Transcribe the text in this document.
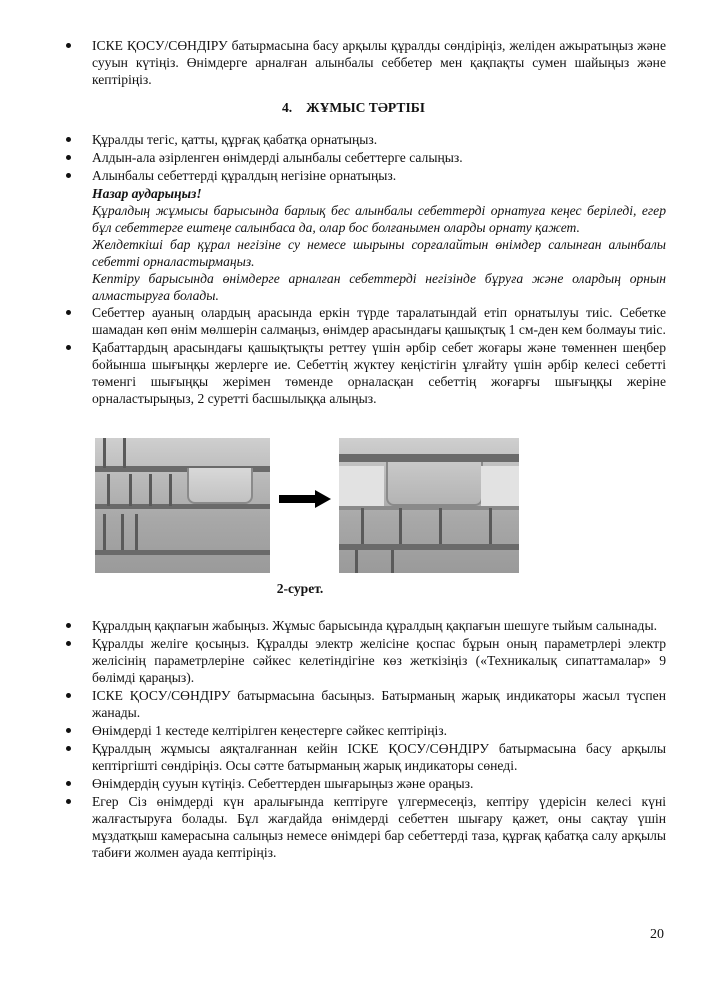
ІСКЕ ҚОСУ/СӨНДІРУ батырмасына басу арқылы құралды сөндіріңіз, желіден ажыратыңыз және сууын күтіңіз. Өнімдерге арналған алынбалы себбетер мен қақпақты сумен шайыңыз және кептіріңіз.
4. ЖҰМЫС ТӘРТІБІ
Құралды тегіс, қатты, құрғақ қабатқа орнатыңыз.
Алдын-ала әзірленген өнімдерді алынбалы себеттерге салыңыз.
Алынбалы себеттерді құралдың негізіне орнатыңыз.
Назар аударыңыз!

Құралдың жұмысы барысында барлық бес алынбалы себеттерді орнатуға кеңес беріледі, егер бұл себеттерге ештеңе салынбаса да, олар бос болғанымен оларды орнату қажет.

Желдеткіші бар құрал негізіне су немесе шырыны сорғалайтын өнімдер салынған алынбалы себетті орналастырмаңыз.

Кептіру барысында өнімдерге арналған себеттерді негізінде бұруға және олардың орнын алмастыруға болады.

Себеттер ауаның олардың арасында еркін түрде таралатындай етіп орнатылуы тиіс. Себетке шамадан көп өнім мөлшерін салмаңыз, өнімдер арасындағы қашықтық 1 см-ден кем болмауы тиіс.
Қабаттардың арасындағы қашықтықты реттеу үшін әрбір себет жоғары және төменнен шеңбер бойынша шығыңқы жерлерге ие. Себеттің жүктеу кеңістігін ұлғайту үшін әрбір келесі себетті төменгі шығыңқы жерімен төменде орналасқан себеттің жоғарғы шығыңқы жеріне орналастырыңыз, 2 суретті басшылыққа алыңыз.
2-сурет.
Құралдың қақпағын жабыңыз. Жұмыс барысында құралдың қақпағын шешуге тыйым салынады.
Құралды желіге қосыңыз. Құралды электр желісіне қоспас бұрын оның параметрлері электр желісінің параметрлеріне сәйкес келетіндігіне көз жеткізіңіз («Техникалық сипаттамалар» 9 бөлімді қараңыз).
ІСКЕ ҚОСУ/СӨНДІРУ батырмасына басыңыз. Батырманың жарық индикаторы жасыл түспен жанады.
Өнімдерді 1 кестеде келтірілген кеңестерге сәйкес кептіріңіз.
Құралдың жұмысы аяқталғаннан кейін ІСКЕ ҚОСУ/СӨНДІРУ батырмасына басу арқылы кептіргішті сөндіріңіз. Осы сәтте батырманың жарық индикаторы сөнеді.
Өнімдердің сууын күтіңіз. Себеттерден шығарыңыз және ораңыз.
Егер Сіз өнімдерді күн аралығында кептіруге үлгермесеңіз, кептіру үдерісін келесі күні жалғастыруға болады. Бұл жағдайда өнімдерді себеттен шығару қажет, оны сақтау үшін мұздатқыш камерасына салыңыз немесе өнімдері бар себеттерді таза, құрғақ қабатқа салу арқылы табиғи жолмен ауада кептіріңіз.
20
